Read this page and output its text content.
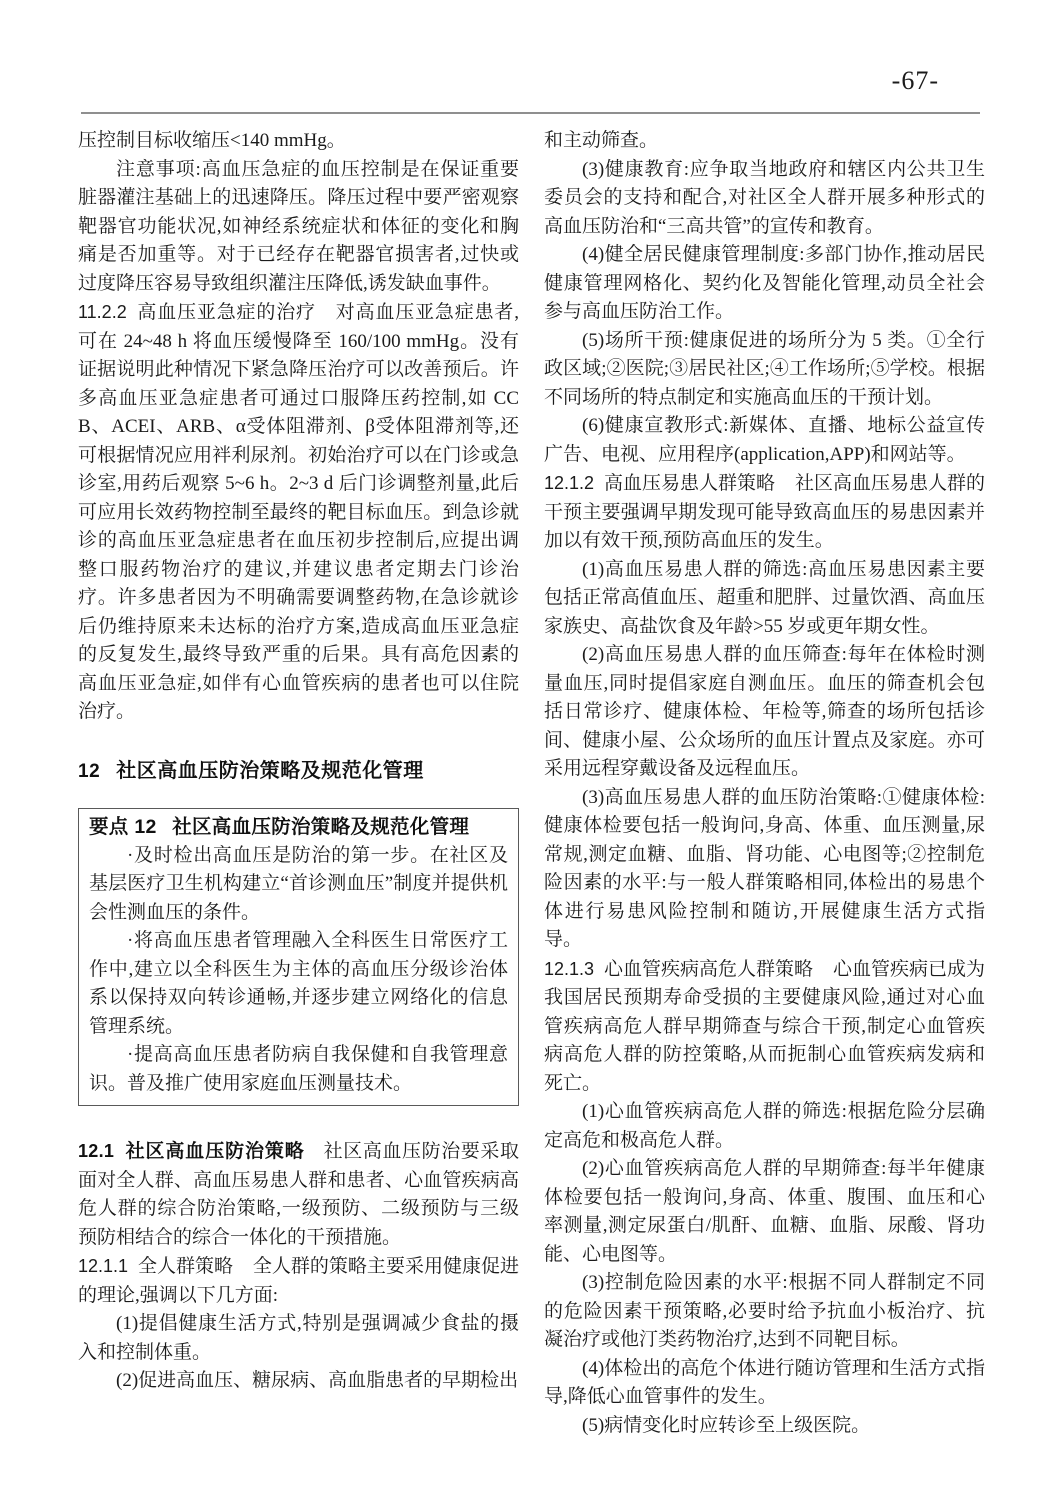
-67-

压控制目标收缩压<140 mmHg。

注意事项:高血压急症的血压控制是在保证重要脏器灌注基础上的迅速降压。降压过程中要严密观察靶器官功能状况,如神经系统症状和体征的变化和胸痛是否加重等。对于已经存在靶器官损害者,过快或过度降压容易导致组织灌注压降低,诱发缺血事件。

11.2.2 高血压亚急症的治疗 对高血压亚急症患者,可在 24~48 h 将血压缓慢降至 160/100 mmHg。没有证据说明此种情况下紧急降压治疗可以改善预后。许多高血压亚急症患者可通过口服降压药控制,如 CCB、ACEI、ARB、α受体阻滞剂、β受体阻滞剂等,还可根据情况应用袢利尿剂。初始治疗可以在门诊或急诊室,用药后观察 5~6 h。2~3 d 后门诊调整剂量,此后可应用长效药物控制至最终的靶目标血压。到急诊就诊的高血压亚急症患者在血压初步控制后,应提出调整口服药物治疗的建议,并建议患者定期去门诊治疗。许多患者因为不明确需要调整药物,在急诊就诊后仍维持原来未达标的治疗方案,造成高血压亚急症的反复发生,最终导致严重的后果。具有高危因素的高血压亚急症,如伴有心血管疾病的患者也可以住院治疗。

12 社区高血压防治策略及规范化管理

要点 12 社区高血压防治策略及规范化管理

·及时检出高血压是防治的第一步。在社区及基层医疗卫生机构建立“首诊测血压”制度并提供机会性测血压的条件。

·将高血压患者管理融入全科医生日常医疗工作中,建立以全科医生为主体的高血压分级诊治体系以保持双向转诊通畅,并逐步建立网络化的信息管理系统。

·提高高血压患者防病自我保健和自我管理意识。普及推广使用家庭血压测量技术。

12.1 社区高血压防治策略 社区高血压防治要采取面对全人群、高血压易患人群和患者、心血管疾病高危人群的综合防治策略,一级预防、二级预防与三级预防相结合的综合一体化的干预措施。

12.1.1 全人群策略 全人群的策略主要采用健康促进的理论,强调以下几方面:

(1)提倡健康生活方式,特别是强调减少食盐的摄入和控制体重。

(2)促进高血压、糖尿病、高血脂患者的早期检出

和主动筛查。

(3)健康教育:应争取当地政府和辖区内公共卫生委员会的支持和配合,对社区全人群开展多种形式的高血压防治和“三高共管”的宣传和教育。

(4)健全居民健康管理制度:多部门协作,推动居民健康管理网格化、契约化及智能化管理,动员全社会参与高血压防治工作。

(5)场所干预:健康促进的场所分为 5 类。①全行政区域;②医院;③居民社区;④工作场所;⑤学校。根据不同场所的特点制定和实施高血压的干预计划。

(6)健康宣教形式:新媒体、直播、地标公益宣传广告、电视、应用程序(application,APP)和网站等。

12.1.2 高血压易患人群策略 社区高血压易患人群的干预主要强调早期发现可能导致高血压的易患因素并加以有效干预,预防高血压的发生。

(1)高血压易患人群的筛选:高血压易患因素主要包括正常高值血压、超重和肥胖、过量饮酒、高血压家族史、高盐饮食及年龄>55 岁或更年期女性。

(2)高血压易患人群的血压筛查:每年在体检时测量血压,同时提倡家庭自测血压。血压的筛查机会包括日常诊疗、健康体检、年检等,筛查的场所包括诊间、健康小屋、公众场所的血压计置点及家庭。亦可采用远程穿戴设备及远程血压。

(3)高血压易患人群的血压防治策略:①健康体检:健康体检要包括一般询问,身高、体重、血压测量,尿常规,测定血糖、血脂、肾功能、心电图等;②控制危险因素的水平:与一般人群策略相同,体检出的易患个体进行易患风险控制和随访,开展健康生活方式指导。

12.1.3 心血管疾病高危人群策略 心血管疾病已成为我国居民预期寿命受损的主要健康风险,通过对心血管疾病高危人群早期筛查与综合干预,制定心血管疾病高危人群的防控策略,从而扼制心血管疾病发病和死亡。

(1)心血管疾病高危人群的筛选:根据危险分层确定高危和极高危人群。

(2)心血管疾病高危人群的早期筛查:每半年健康体检要包括一般询问,身高、体重、腹围、血压和心率测量,测定尿蛋白/肌酐、血糖、血脂、尿酸、肾功能、心电图等。

(3)控制危险因素的水平:根据不同人群制定不同的危险因素干预策略,必要时给予抗血小板治疗、抗凝治疗或他汀类药物治疗,达到不同靶目标。

(4)体检出的高危个体进行随访管理和生活方式指导,降低心血管事件的发生。

(5)病情变化时应转诊至上级医院。
